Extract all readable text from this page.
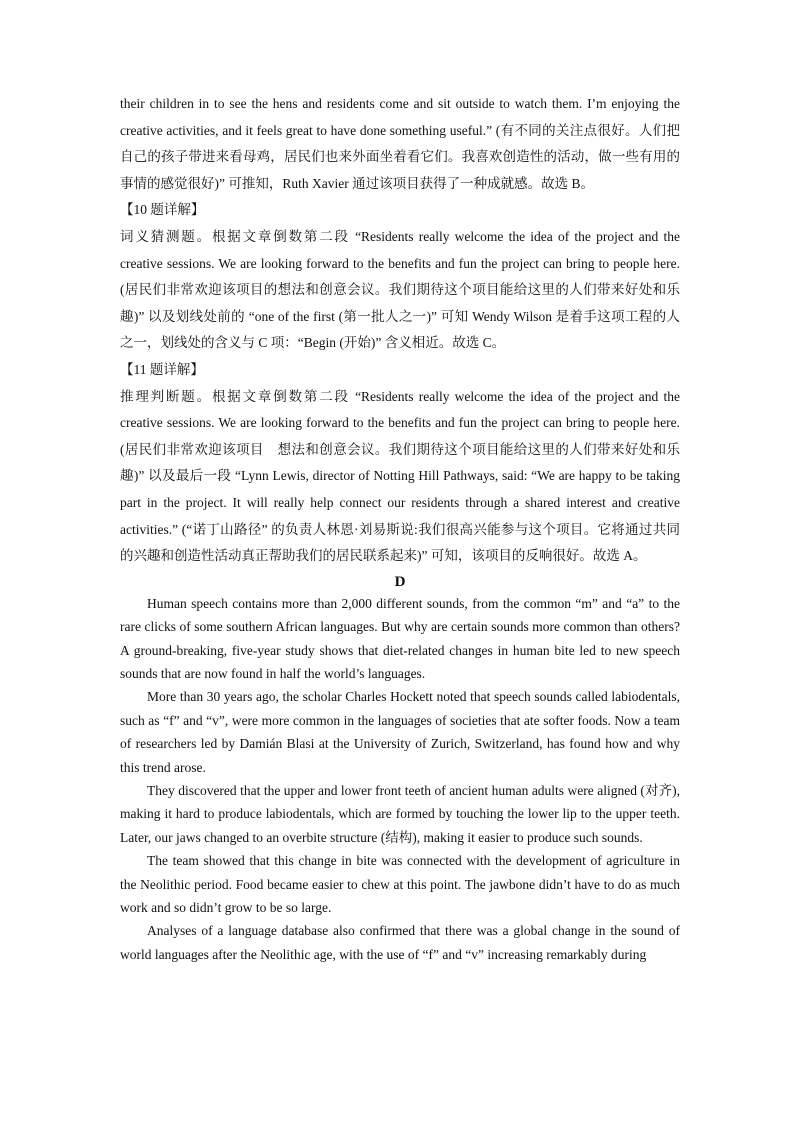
their children in to see the hens and residents come and sit outside to watch them. I’m enjoying the creative activities, and it feels great to have done something useful.” (有不同的关注点很好。人们把自己的孩子带进来看母鸡，居民们也来外面坐着看它们。我喜欢创造性的活动，做一些有用的事情的感觉很好)” 可推知，Ruth Xavier 通过该项目获得了一种成就感。故选 B。

【10 题详解】

词义猜测题。根据文章倒数第二段 “Residents really welcome the idea of the project and the creative sessions. We are looking forward to the benefits and fun the project can bring to people here. (居民们非常欢迎该项目的想法和创意会议。我们期待这个项目能给这里的人们带来好处和乐趣)” 以及划线处前的 “one of the first (第一批人之一)” 可知 Wendy Wilson 是着手这项工程的人之一，划线处的含义与 C 项：“Begin (开始)” 含义相近。故选 C。

【11 题详解】

推理判断题。根据文章倒数第二段 “Residents really welcome the idea of the project and the creative sessions. We are looking forward to the benefits and fun the project can bring to people here. (居民们非常欢迎该项目　想法和创意会议。我们期待这个项目能给这里的人们带来好处和乐趣)” 以及最后一段 “Lynn Lewis, director of Notting Hill Pathways, said: “We are happy to be taking part in the project. It will really help connect our residents through a shared interest and creative activities.” (“诺丁山路径” 的负责人林恩·刘易斯说:我们很高兴能参与这个项目。它将通过共同的兴趣和创造性活动真正帮助我们的居民联系起来)” 可知，该项目的反响很好。故选 A。

D

Human speech contains more than 2,000 different sounds, from the common “m” and “a” to the rare clicks of some southern African languages. But why are certain sounds more common than others? A ground-breaking, five-year study shows that diet-related changes in human bite led to new speech sounds that are now found in half the world’s languages.

More than 30 years ago, the scholar Charles Hockett noted that speech sounds called labiodentals, such as “f” and “v”, were more common in the languages of societies that ate softer foods. Now a team of researchers led by Damián Blasi at the University of Zurich, Switzerland, has found how and why this trend arose.

They discovered that the upper and lower front teeth of ancient human adults were aligned (对齐), making it hard to produce labiodentals, which are formed by touching the lower lip to the upper teeth. Later, our jaws changed to an overbite structure (结构), making it easier to produce such sounds.

The team showed that this change in bite was connected with the development of agriculture in the Neolithic period. Food became easier to chew at this point. The jawbone didn’t have to do as much work and so didn’t grow to be so large.

Analyses of a language database also confirmed that there was a global change in the sound of world languages after the Neolithic age, with the use of “f” and “v” increasing remarkably during
